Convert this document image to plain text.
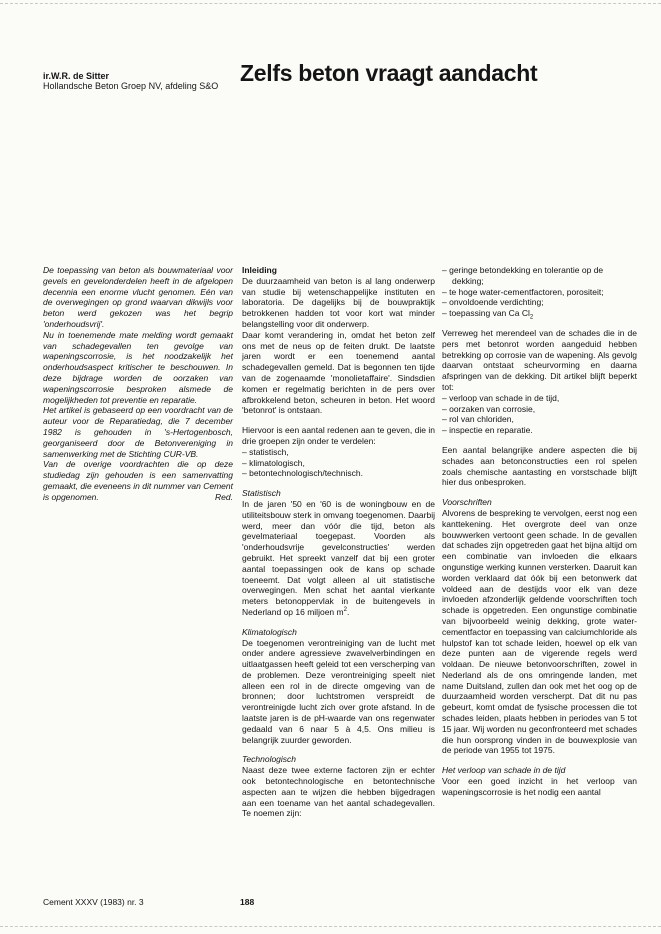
ir.W.R. de Sitter
Hollandsche Beton Groep NV, afdeling S&O Zelfs beton vraagt aandacht

De toepassing van beton als bouwmateriaal voor gevels en gevelonderdelen heeft in de afgelopen decennia een enorme vlucht genomen. Eén van de overwegingen op grond waarvan dikwijls voor beton werd gekozen was het begrip 'onderhoudsvrij'.

Nu in toenemende mate melding wordt gemaakt van schadegevallen ten gevolge van wapeningscorrosie, is het noodzakelijk het onderhoudsaspect kritischer te beschouwen. In deze bijdrage worden de oorzaken van wapeningscorrosie besproken alsmede de mogelijkheden tot preventie en reparatie.

Het artikel is gebaseerd op een voordracht van de auteur voor de Reparatiedag, die 7 december 1982 is gehouden in 's-Hertogenbosch, georganiseerd door de Betonvereniging in samenwerking met de Stichting CUR-VB.

Van de overige voordrachten die op deze studiedag zijn gehouden is een samenvatting gemaakt, die eveneens in dit nummer van Cement is opgenomen.	Red.

Inleiding

De duurzaamheid van beton is al lang onderwerp van studie bij wetenschappelijke instituten en laboratoria. De dagelijks bij de bouwpraktijk betrokkenen hadden tot voor kort wat minder belangstelling voor dit onderwerp.

Daar komt verandering in, omdat het beton zelf ons met de neus op de feiten drukt. De laatste jaren wordt er een toenemend aantal schadegevallen gemeld. Dat is begonnen ten tijde van de zogenaamde 'monolietaffaire'. Sindsdien komen er regelmatig berichten in de pers over afbrokkelend beton, scheuren in beton. Het woord 'betonrot' is ontstaan.

Hiervoor is een aantal redenen aan te geven, die in drie groepen zijn onder te verdelen:

– statistisch,

– klimatologisch,

– betontechnologisch/technisch.

Statistisch

In de jaren '50 en '60 is de woningbouw en de utiliteitsbouw sterk in omvang toegenomen. Daarbij werd, meer dan vóór die tijd, beton als gevelmateriaal toegepast. Voorden als 'onderhoudsvrije gevelconstructies' werden gebruikt. Het spreekt vanzelf dat bij een groter aantal toepassingen ook de kans op schade toeneemt. Dat volgt alleen al uit statistische overwegingen. Men schat het aantal vierkante meters betonoppervlak in de buitengevels in Nederland op 16 miljoen $m^2$.

Klimatologisch

De toegenomen verontreiniging van de lucht met onder andere agressieve zwavelverbindingen en uitlaatgassen heeft geleid tot een verscherping van de problemen. Deze verontreiniging speelt niet alleen een rol in de directe omgeving van de bronnen; door luchtstromen verspreidt de verontreinigde lucht zich over grote afstand. In de laatste jaren is de pH-waarde van ons regenwater gedaald van 6 naar 5 à 4,5. Ons milieu is belangrijk zuurder geworden.

Technologisch

Naast deze twee externe factoren zijn er echter ook betontechnologische en betontechnische aspecten aan te wijzen die hebben bijgedragen aan een toename van het aantal schadegevallen. Te noemen zijn:

– geringe betondekking en tolerantie op de dekking;

– te hoge water-cementfactoren, porositeit;

– onvoldoende verdichting;

– toepassing van Ca $Cl_2$

Verreweg het merendeel van de schades die in de pers met betonrot worden aangeduid hebben betrekking op corrosie van de wapening. Als gevolg daarvan ontstaat scheurvorming en daarna afspringen van de dekking. Dit artikel blijft beperkt tot:

– verloop van schade in de tijd,

– oorzaken van corrosie,

– rol van chloriden,

– inspectie en reparatie.

Een aantal belangrijke andere aspecten die bij schades aan betonconstructies een rol spelen zoals chemische aantasting en vorstschade blijft hier dus onbesproken.

Voorschriften

Alvorens de bespreking te vervolgen, eerst nog een kanttekening. Het overgrote deel van onze bouwwerken vertoont geen schade. In de gevallen dat schades zijn opgetreden gaat het bijna altijd om een combinatie van invloeden die elkaars ongunstige werking kunnen versterken. Daaruit kan worden verklaard dat óók bij een betonwerk dat voldeed aan de destijds voor elk van deze invloeden afzonderlijk geldende voorschriften toch schade is opgetreden. Een ongunstige combinatie van bijvoorbeeld weinig dekking, grote water-cementfactor en toepassing van calciumchloride als hulpstof kan tot schade leiden, hoewel op elk van deze punten aan de vigerende regels werd voldaan. De nieuwe betonvoorschriften, zowel in Nederland als de ons omringende landen, met name Duitsland, zullen dan ook met het oog op de duurzaamheid worden verscherpt. Dat dit nu pas gebeurt, komt omdat de fysische processen die tot schades leiden, plaats hebben in periodes van 5 tot 15 jaar. Wij worden nu geconfronteerd met schades die hun oorsprong vinden in de bouwexplosie van de periode van 1955 tot 1975.

Het verloop van schade in de tijd

Voor een goed inzicht in het verloop van wapeningscorrosie is het nodig een aantal

Cement XXXV (1983) nr. 3	188
